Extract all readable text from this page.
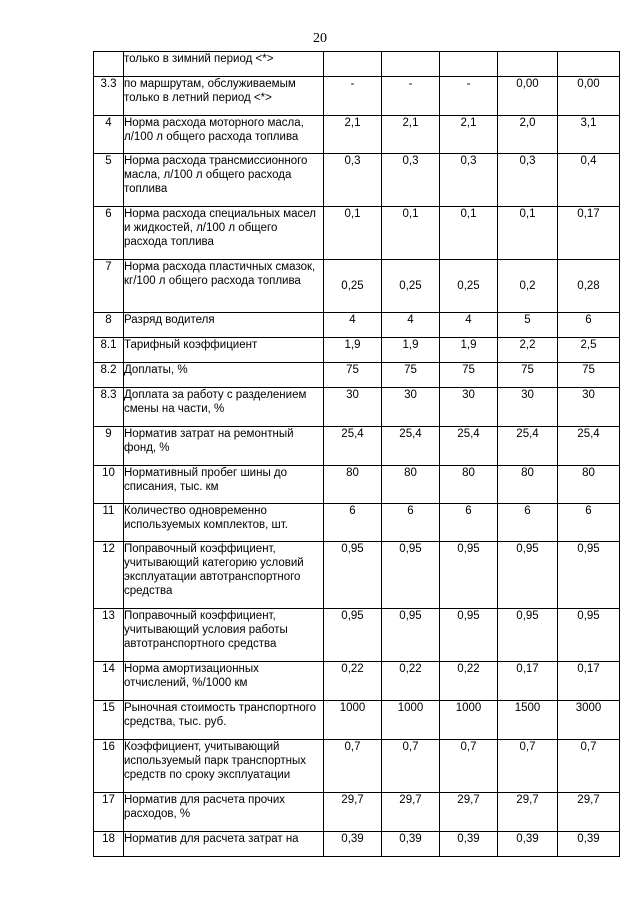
20
	только в зимний период <*>					
3.3	по маршрутам, обслуживаемым только в летний период <*>	-	-	-	0,00	0,00
4	Норма расхода моторного масла, л/100 л общего расхода топлива	2,1	2,1	2,1	2,0	3,1
5	Норма расхода трансмиссионного масла, л/100 л общего расхода топлива	0,3	0,3	0,3	0,3	0,4
6	Норма расхода специальных масел и жидкостей, л/100 л общего расхода топлива	0,1	0,1	0,1	0,1	0,17
7	Норма расхода пластичных смазок, кг/100 л общего расхода топлива	0,25	0,25	0,25	0,2	0,28
8	Разряд водителя	4	4	4	5	6
8.1	Тарифный коэффициент	1,9	1,9	1,9	2,2	2,5
8.2	Доплаты, %	75	75	75	75	75
8.3	Доплата за работу с разделением смены на части, %	30	30	30	30	30
9	Норматив затрат на ремонтный фонд, %	25,4	25,4	25,4	25,4	25,4
10	Нормативный пробег шины до списания, тыс. км	80	80	80	80	80
11	Количество одновременно используемых комплектов, шт.	6	6	6	6	6
12	Поправочный коэффициент, учитывающий категорию условий эксплуатации автотранспортного средства	0,95	0,95	0,95	0,95	0,95
13	Поправочный коэффициент, учитывающий условия работы автотранспортного средства	0,95	0,95	0,95	0,95	0,95
14	Норма амортизационных отчислений, %/1000 км	0,22	0,22	0,22	0,17	0,17
15	Рыночная стоимость транспортного средства, тыс. руб.	1000	1000	1000	1500	3000
16	Коэффициент, учитывающий используемый парк транспортных средств по сроку эксплуатации	0,7	0,7	0,7	0,7	0,7
17	Норматив для расчета прочих расходов, %	29,7	29,7	29,7	29,7	29,7
18	Норматив для расчета затрат на	0,39	0,39	0,39	0,39	0,39
